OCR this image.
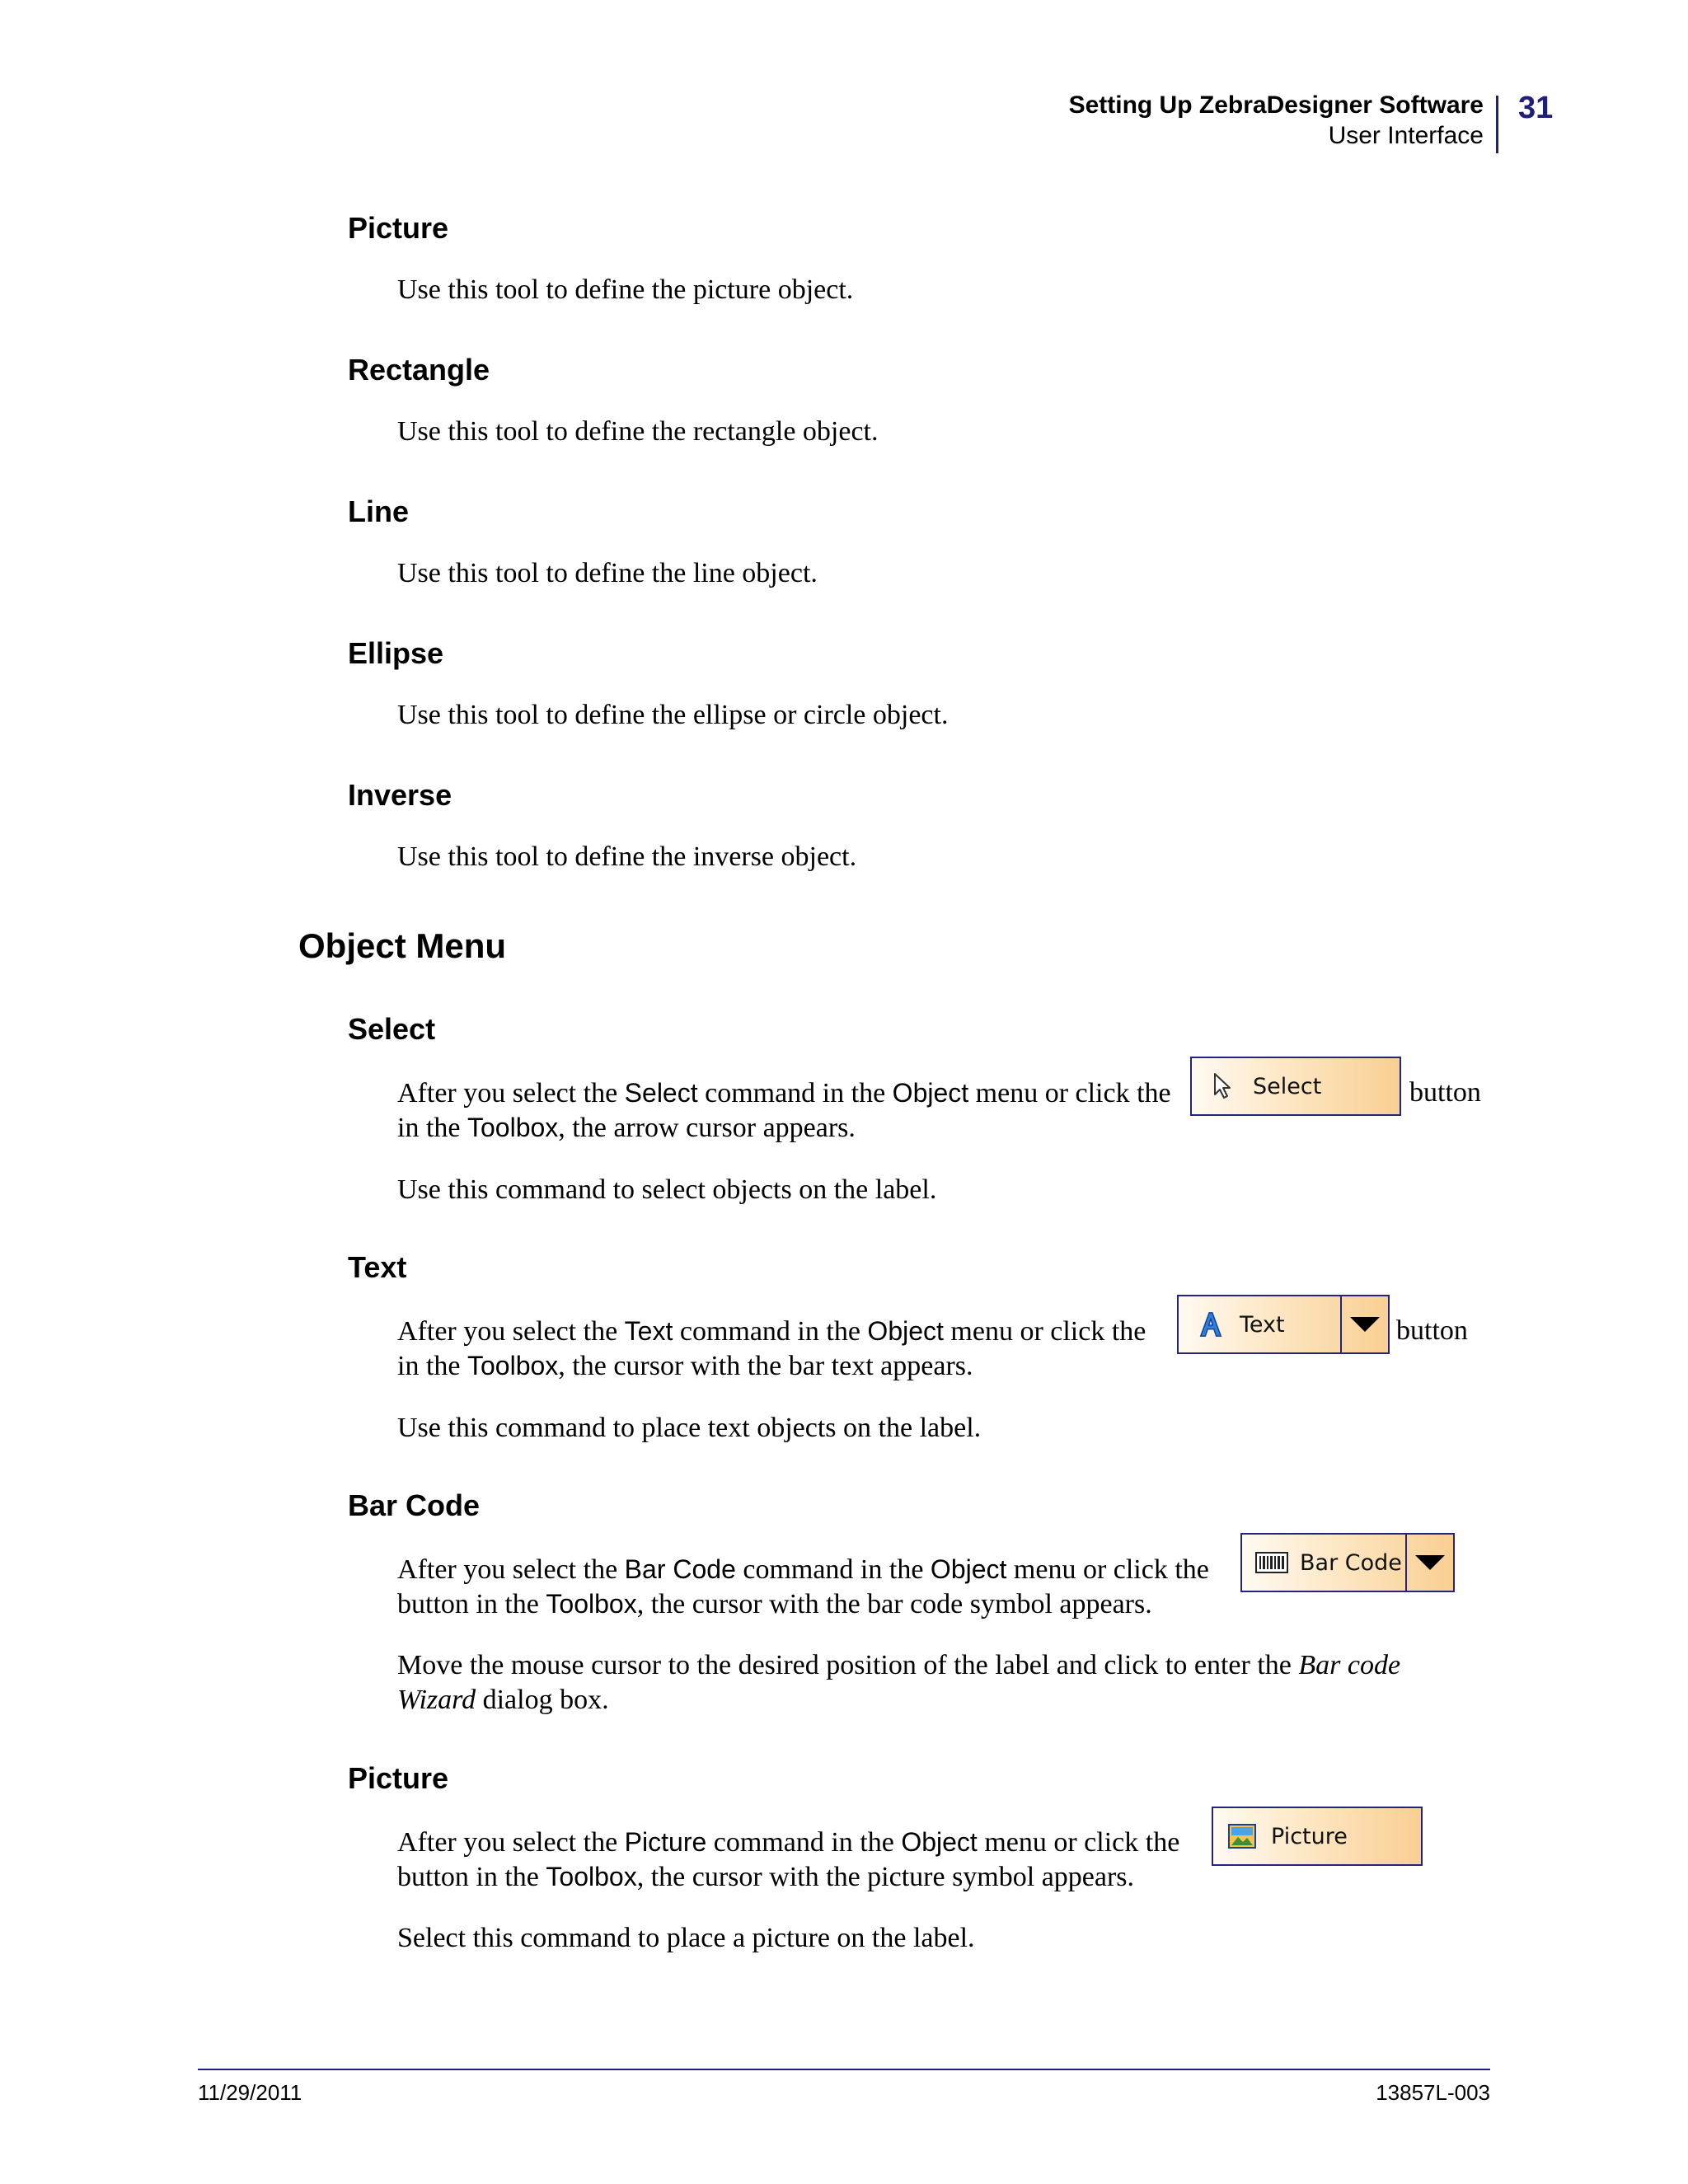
Setting Up ZebraDesigner Software
User Interface
31
Picture
Use this tool to define the picture object.
Rectangle
Use this tool to define the rectangle object.
Line
Use this tool to define the line object.
Ellipse
Use this tool to define the ellipse or circle object.
Inverse
Use this tool to define the inverse object.
Object Menu
Select
After you select the Select command in the Object menu or click the	button
in the Toolbox, the arrow cursor appears.
Select
Use this command to select objects on the label.
Text
After you select the Text command in the Object menu or click the	button
in the Toolbox, the cursor with the bar text appears.
Text
Use this command to place text objects on the label.
Bar Code
After you select the Bar Code command in the Object menu or click the
button in the Toolbox, the cursor with the bar code symbol appears.
Bar Code
Move the mouse cursor to the desired position of the label and click to enter the Bar code
Wizard dialog box.
Picture
After you select the Picture command in the Object menu or click the
button in the Toolbox, the cursor with the picture symbol appears.
Picture
Select this command to place a picture on the label.
11/29/2011	13857L-003
